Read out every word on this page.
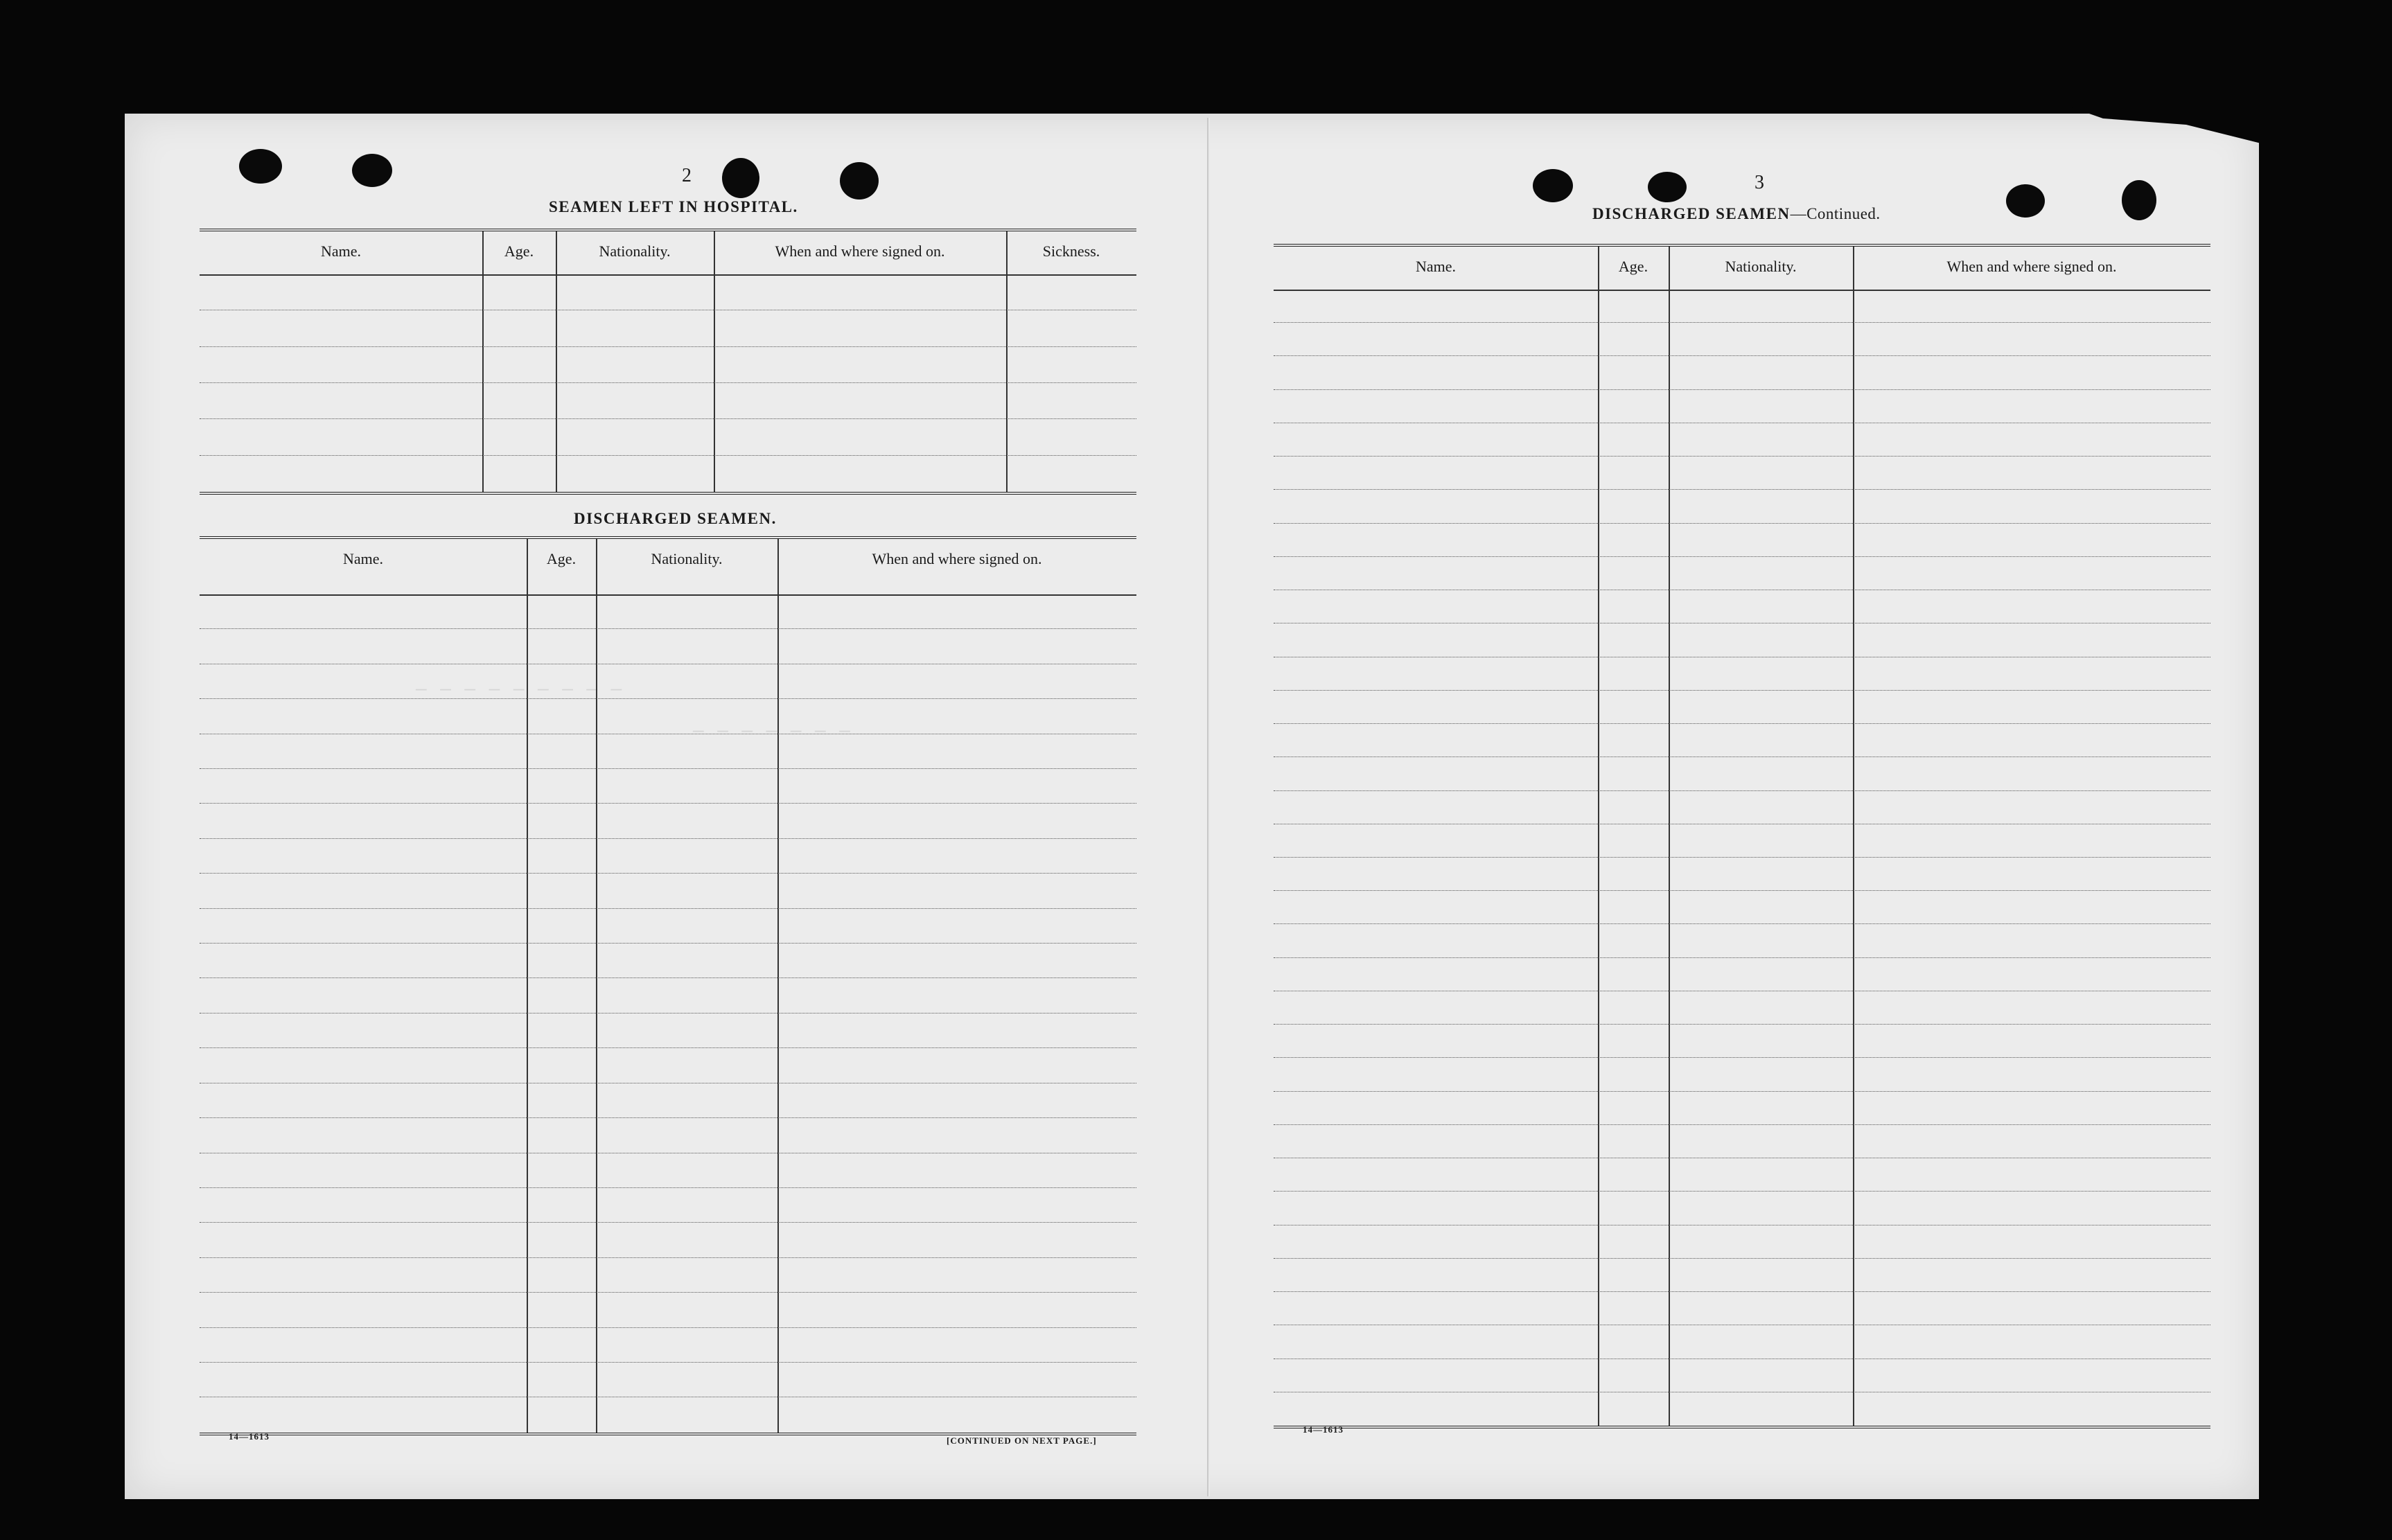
— — — — — — — — —
— — — — — — —
2
SEAMEN LEFT IN HOSPITAL.
Name.	Age.	Nationality.	When and where signed on.	Sickness.
DISCHARGED SEAMEN.
Name.	Age.	Nationality.	When and where signed on.
14—1613	[CONTINUED ON NEXT PAGE.]
3
DISCHARGED SEAMEN—Continued.
Name.	Age.	Nationality.	When and where signed on.
14—1613
